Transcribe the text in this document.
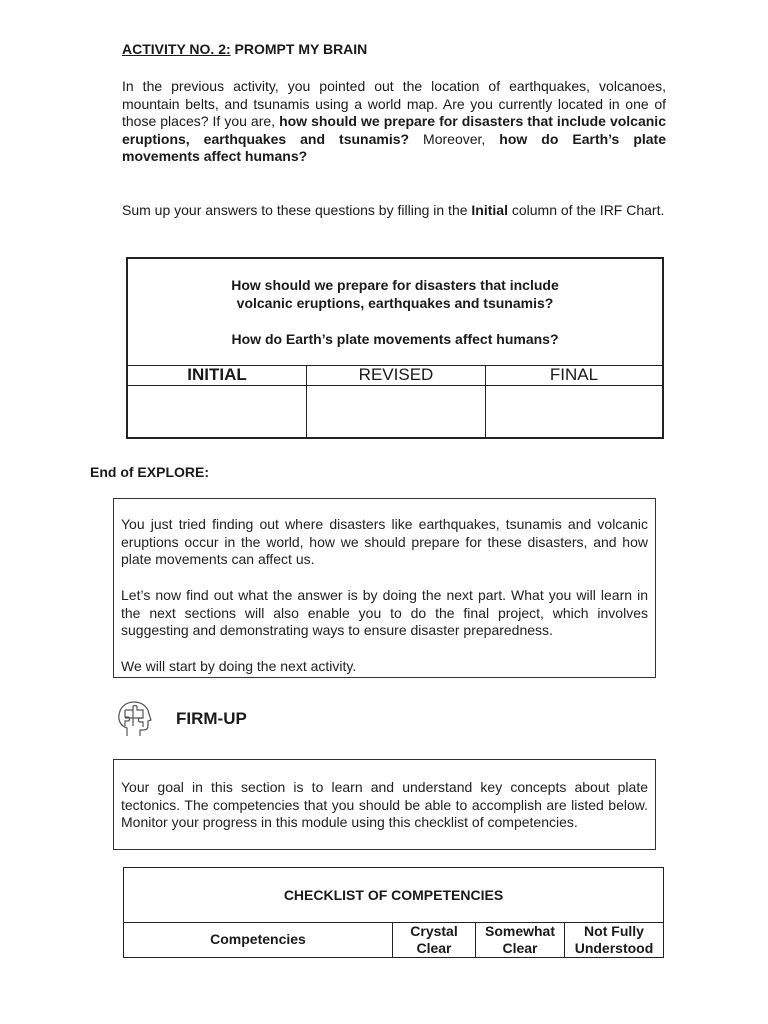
ACTIVITY NO. 2: PROMPT MY BRAIN
In the previous activity, you pointed out the location of earthquakes, volcanoes, mountain belts, and tsunamis using a world map. Are you currently located in one of those places? If you are, how should we prepare for disasters that include volcanic eruptions, earthquakes and tsunamis? Moreover, how do Earth’s plate movements affect humans?
Sum up your answers to these questions by filling in the Initial column of the IRF Chart.
How should we prepare for disasters that include
volcanic eruptions, earthquakes and tsunamis?
How do Earth’s plate movements affect humans?
INITIAL	REVISED	FINAL
End of EXPLORE:
You just tried finding out where disasters like earthquakes, tsunamis and volcanic eruptions occur in the world, how we should prepare for these disasters, and how plate movements can affect us.
Let’s now find out what the answer is by doing the next part. What you will learn in the next sections will also enable you to do the final project, which involves suggesting and demonstrating ways to ensure disaster preparedness.
We will start by doing the next activity.
FIRM-UP
Your goal in this section is to learn and understand key concepts about plate tectonics. The competencies that you should be able to accomplish are listed below. Monitor your progress in this module using this checklist of competencies.
CHECKLIST OF COMPETENCIES
Competencies
Crystal Clear
Somewhat Clear
Not Fully Understood
